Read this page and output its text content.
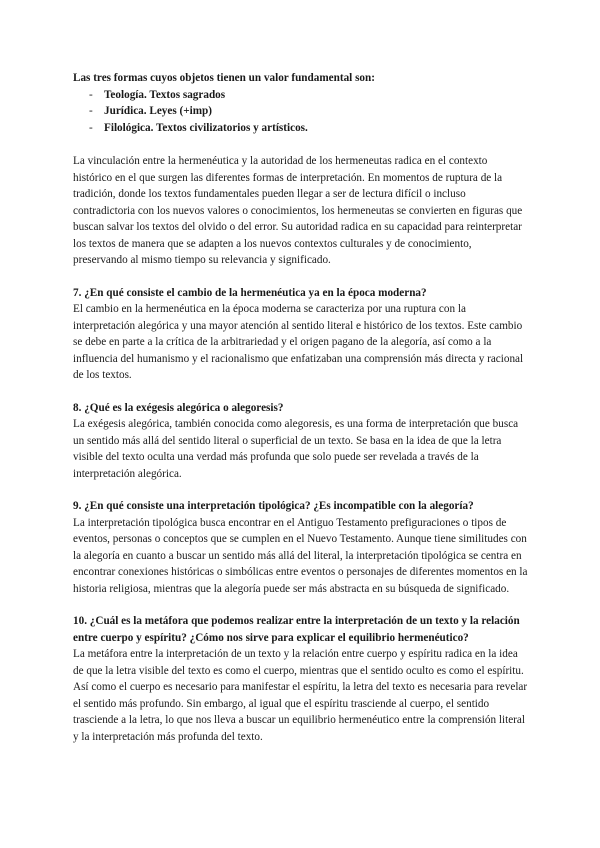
Las tres formas cuyos objetos tienen un valor fundamental son:

- Teología. Textos sagrados
- Jurídica. Leyes (+imp)
- Filológica. Textos civilizatorios y artísticos.

La vinculación entre la hermenéutica y la autoridad de los hermeneutas radica en el contexto histórico en el que surgen las diferentes formas de interpretación. En momentos de ruptura de la tradición, donde los textos fundamentales pueden llegar a ser de lectura difícil o incluso contradictoria con los nuevos valores o conocimientos, los hermeneutas se convierten en figuras que buscan salvar los textos del olvido o del error. Su autoridad radica en su capacidad para reinterpretar los textos de manera que se adapten a los nuevos contextos culturales y de conocimiento, preservando al mismo tiempo su relevancia y significado.

7. ¿En qué consiste el cambio de la hermenéutica ya en la época moderna?

El cambio en la hermenéutica en la época moderna se caracteriza por una ruptura con la interpretación alegórica y una mayor atención al sentido literal e histórico de los textos. Este cambio se debe en parte a la crítica de la arbitrariedad y el origen pagano de la alegoría, así como a la influencia del humanismo y el racionalismo que enfatizaban una comprensión más directa y racional de los textos.

8. ¿Qué es la exégesis alegórica o alegoresis?

La exégesis alegórica, también conocida como alegoresis, es una forma de interpretación que busca un sentido más allá del sentido literal o superficial de un texto. Se basa en la idea de que la letra visible del texto oculta una verdad más profunda que solo puede ser revelada a través de la interpretación alegórica.

9. ¿En qué consiste una interpretación tipológica? ¿Es incompatible con la alegoría?

La interpretación tipológica busca encontrar en el Antiguo Testamento prefiguraciones o tipos de eventos, personas o conceptos que se cumplen en el Nuevo Testamento. Aunque tiene similitudes con la alegoría en cuanto a buscar un sentido más allá del literal, la interpretación tipológica se centra en encontrar conexiones históricas o simbólicas entre eventos o personajes de diferentes momentos en la historia religiosa, mientras que la alegoría puede ser más abstracta en su búsqueda de significado.

10. ¿Cuál es la metáfora que podemos realizar entre la interpretación de un texto y la relación entre cuerpo y espíritu? ¿Cómo nos sirve para explicar el equilibrio hermenéutico?

La metáfora entre la interpretación de un texto y la relación entre cuerpo y espíritu radica en la idea de que la letra visible del texto es como el cuerpo, mientras que el sentido oculto es como el espíritu. Así como el cuerpo es necesario para manifestar el espíritu, la letra del texto es necesaria para revelar el sentido más profundo. Sin embargo, al igual que el espíritu trasciende al cuerpo, el sentido trasciende a la letra, lo que nos lleva a buscar un equilibrio hermenéutico entre la comprensión literal y la interpretación más profunda del texto.
